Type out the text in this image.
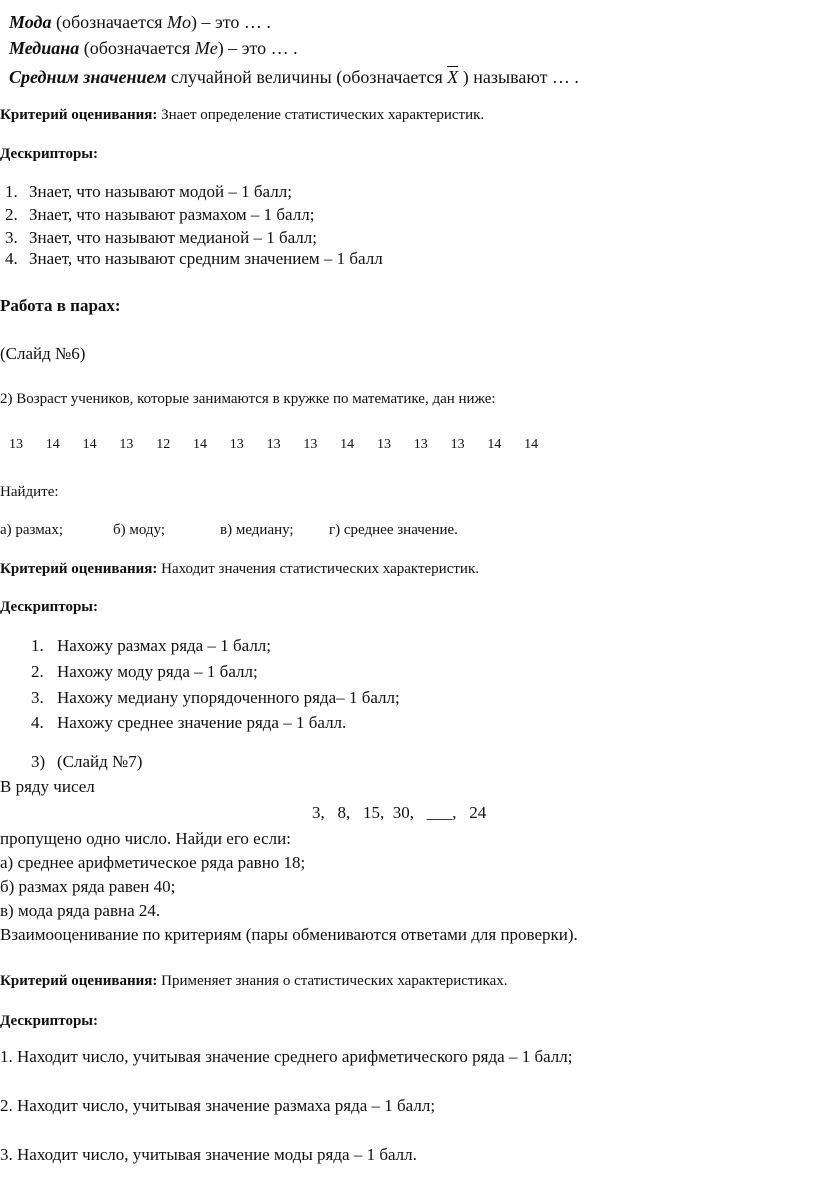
Мода (обозначается Mo) – это … .
Медиана (обозначается Me) – это … .
Средним значением случайной величины (обозначается X ) называют … .
Критерий оценивания: Знает определение статистических характеристик.
Дескрипторы:
1. Знает, что называют модой – 1 балл;
2. Знает, что называют размахом – 1 балл;
3. Знает, что называют медианой – 1 балл;
4. Знает, что называют средним значением – 1 балл
Работа в парах:
(Слайд №6)
2) Возраст учеников, которые занимаются в кружке по математике, дан ниже:
13 14 14 13 12 14 13 13 13 14 13 13 13 14 14
Найдите:
а) размах;	б) моду;	в) медиану; г) среднее значение.
Критерий оценивания: Находит значения статистических характеристик.
Дескрипторы:
1. Нахожу размах ряда – 1 балл;
2. Нахожу моду ряда – 1 балл;
3. Нахожу медиану упорядоченного ряда– 1 балл;
4. Нахожу среднее значение ряда – 1 балл.
3) (Слайд №7)
В ряду чисел
3,   8,   15,  30,   ___,   24
пропущено одно число. Найди его если:
а) среднее арифметическое ряда равно 18;
б) размах ряда равен 40;
в) мода ряда равна 24.
Взаимооценивание по критериям (пары обмениваются ответами для проверки).
Критерий оценивания: Применяет знания о статистических характеристиках.
Дескрипторы:
1. Находит число, учитывая значение среднего арифметического ряда – 1 балл;
2. Находит число, учитывая значение размаха ряда – 1 балл;
3. Находит число, учитывая значение моды ряда – 1 балл.
